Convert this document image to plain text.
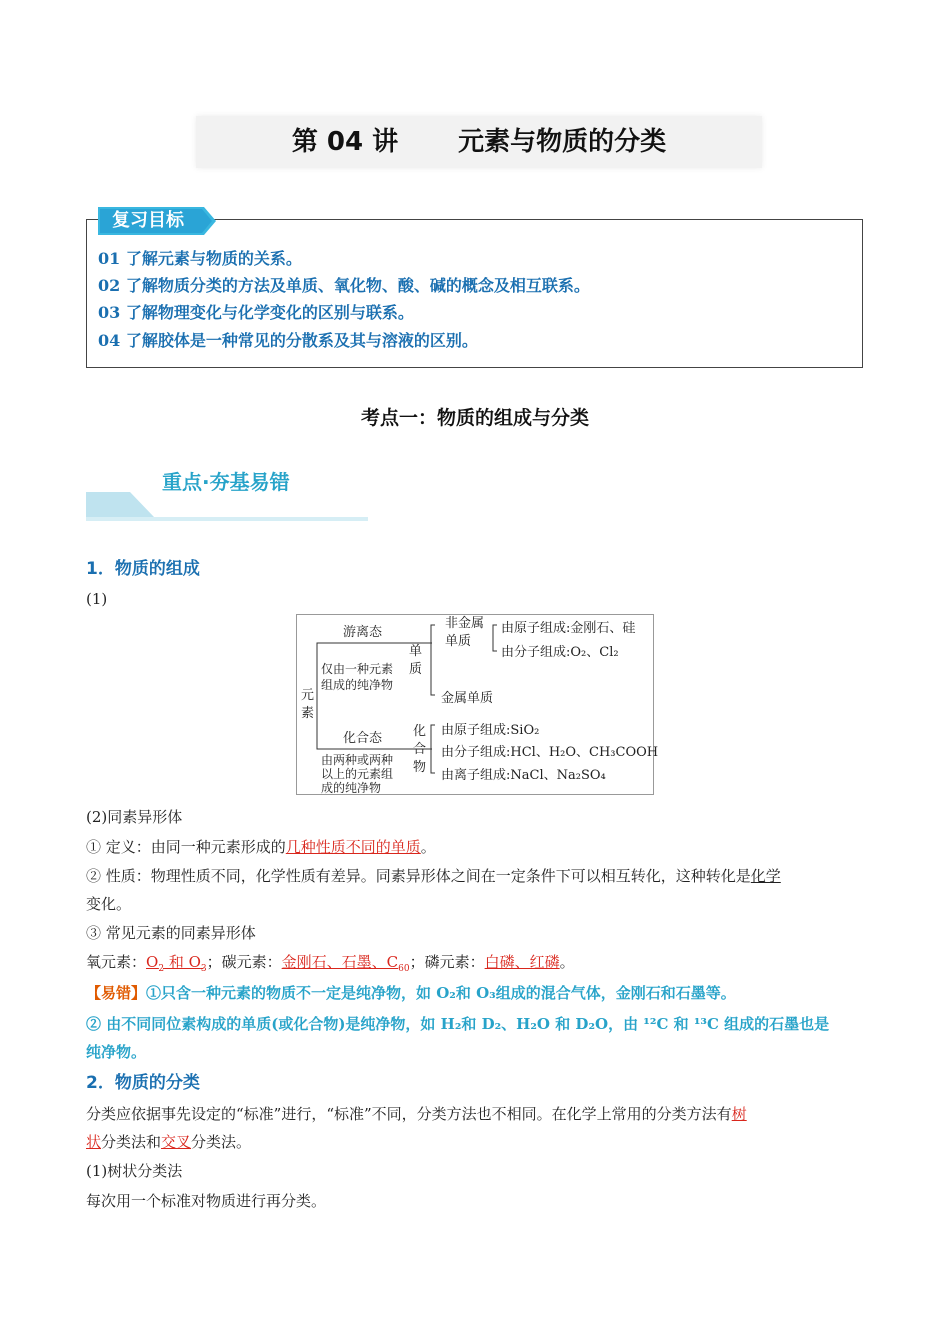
第 04 讲 元素与物质的分类
复习目标
01 了解元素与物质的关系。
02 了解物质分类的方法及单质、氧化物、酸、碱的概念及相互联系。
03 了解物理变化与化学变化的区别与联系。
04 了解胶体是一种常见的分散系及其与溶液的区别。
考点一：物质的组成与分类
重点·夯基易错
1．物质的组成
(1)
元
素
游离态
仅由一种元素
组成的纯净物
单
质
非金属
单质
由原子组成:金刚石、硅
由分子组成:O₂、Cl₂
金属单质
化合态
由两种或两种
以上的元素组
成的纯净物
化
合
物
由原子组成:SiO₂
由分子组成:HCl、H₂O、CH₃COOH
由离子组成:NaCl、Na₂SO₄
(2)同素异形体
① 定义：由同一种元素形成的几种性质不同的单质。
② 性质：物理性质不同，化学性质有差异。同素异形体之间在一定条件下可以相互转化，这种转化是化学
变化。
③ 常见元素的同素异形体
氧元素：$O_2$ 和 $O_3$；碳元素：金刚石、石墨、$C_{60}$；磷元素：白磷、红磷。
【易错】①只含一种元素的物质不一定是纯净物，如 O₂和 O₃组成的混合气体，金刚石和石墨等。
② 由不同同位素构成的单质(或化合物)是纯净物，如 H₂和 D₂、H₂O 和 D₂O，由 ¹²C 和 ¹³C 组成的石墨也是
纯净物。
2．物质的分类
分类应依据事先设定的“标准”进行，“标准”不同，分类方法也不相同。在化学上常用的分类方法有树
状分类法和交叉分类法。
(1)树状分类法
每次用一个标准对物质进行再分类。
